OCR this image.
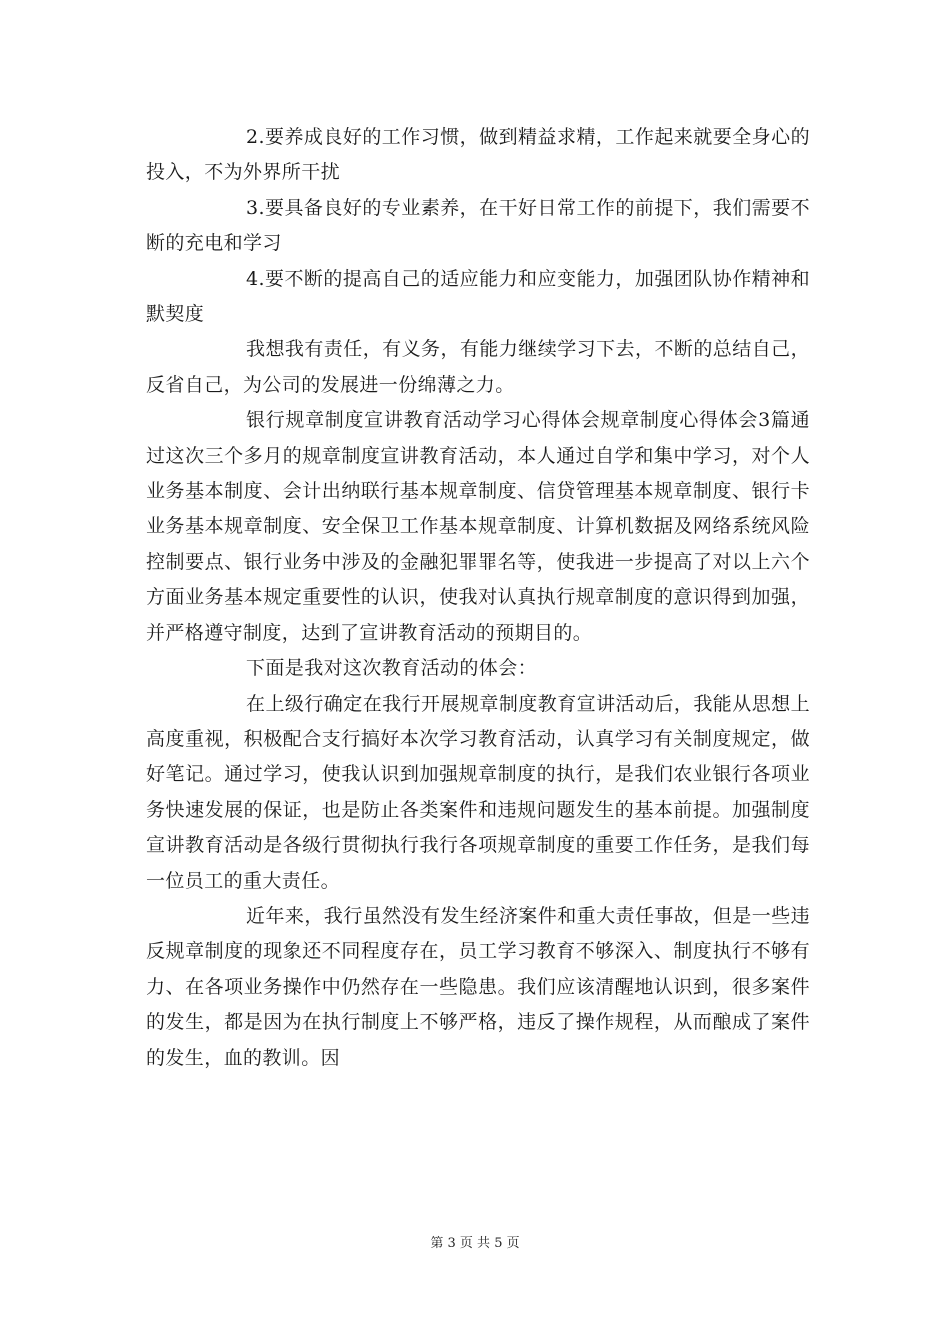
2.要养成良好的工作习惯，做到精益求精，工作起来就要全身心的投入，不为外界所干扰

3.要具备良好的专业素养，在干好日常工作的前提下，我们需要不断的充电和学习

4.要不断的提高自己的适应能力和应变能力，加强团队协作精神和默契度

我想我有责任，有义务，有能力继续学习下去，不断的总结自己，反省自己，为公司的发展进一份绵薄之力。

银行规章制度宣讲教育活动学习心得体会规章制度心得体会3篇通过这次三个多月的规章制度宣讲教育活动，本人通过自学和集中学习，对个人业务基本制度、会计出纳联行基本规章制度、信贷管理基本规章制度、银行卡业务基本规章制度、安全保卫工作基本规章制度、计算机数据及网络系统风险控制要点、银行业务中涉及的金融犯罪罪名等，使我进一步提高了对以上六个方面业务基本规定重要性的认识，使我对认真执行规章制度的意识得到加强，并严格遵守制度，达到了宣讲教育活动的预期目的。

下面是我对这次教育活动的体会：

在上级行确定在我行开展规章制度教育宣讲活动后，我能从思想上高度重视，积极配合支行搞好本次学习教育活动，认真学习有关制度规定，做好笔记。通过学习，使我认识到加强规章制度的执行，是我们农业银行各项业务快速发展的保证，也是防止各类案件和违规问题发生的基本前提。加强制度宣讲教育活动是各级行贯彻执行我行各项规章制度的重要工作任务，是我们每一位员工的重大责任。

近年来，我行虽然没有发生经济案件和重大责任事故，但是一些违反规章制度的现象还不同程度存在，员工学习教育不够深入、制度执行不够有力、在各项业务操作中仍然存在一些隐患。我们应该清醒地认识到，很多案件的发生，都是因为在执行制度上不够严格，违反了操作规程，从而酿成了案件的发生，血的教训。因

第 3 页 共 5 页
